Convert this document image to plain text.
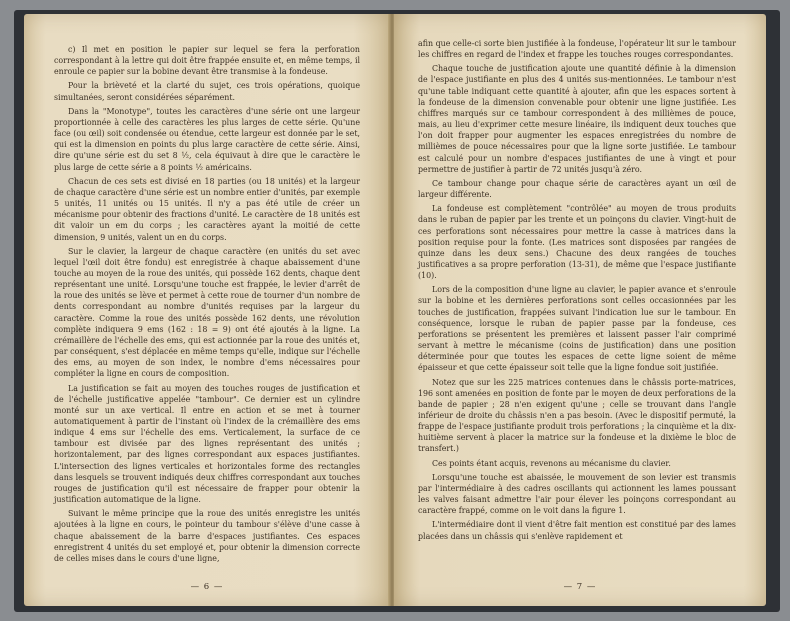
c) Il met en position le papier sur lequel se fera la perforation correspondant à la lettre qui doit être frappée ensuite et, en même temps, il enroule ce papier sur la bobine devant être transmise à la fondeuse.

Pour la brièveté et la clarté du sujet, ces trois opérations, quoique simultanées, seront considérées séparément.

Dans la "Monotype", toutes les caractères d'une série ont une largeur proportionnée à celle des caractères les plus larges de cette série. Qu'une face (ou œil) soit condensée ou étendue, cette largeur est donnée par le set, qui est la dimension en points du plus large caractère de cette série. Ainsi, dire qu'une série est du set 8 ½, cela équivaut à dire que le caractère le plus large de cette série a 8 points ½ américains.

Chacun de ces sets est divisé en 18 parties (ou 18 unités) et la largeur de chaque caractère d'une série est un nombre entier d'unités, par exemple 5 unités, 11 unités ou 15 unités. Il n'y a pas été utile de créer un mécanisme pour obtenir des fractions d'unité. Le caractère de 18 unités est dit valoir un em du corps ; les caractères ayant la moitié de cette dimension, 9 unités, valent un en du corps.

Sur le clavier, la largeur de chaque caractère (en unités du set avec lequel l'œil doit être fondu) est enregistrée à chaque abaissement d'une touche au moyen de la roue des unités, qui possède 162 dents, chaque dent représentant une unité. Lorsqu'une touche est frappée, le levier d'arrêt de la roue des unités se lève et permet à cette roue de tourner d'un nombre de dents correspondant au nombre d'unités requises par la largeur du caractère. Comme la roue des unités possède 162 dents, une révolution complète indiquera 9 ems (162 : 18 = 9) ont été ajoutés à la ligne. La crémaillère de l'échelle des ems, qui est actionnée par la roue des unités et, par conséquent, s'est déplacée en même temps qu'elle, indique sur l'échelle des ems, au moyen de son index, le nombre d'ems nécessaires pour compléter la ligne en cours de composition.

La justification se fait au moyen des touches rouges de justification et de l'échelle justificative appelée "tambour". Ce dernier est un cylindre monté sur un axe vertical. Il entre en action et se met à tourner automatiquement à partir de l'instant où l'index de la crémaillère des ems indique 4 ems sur l'échelle des ems. Verticalement, la surface de ce tambour est divisée par des lignes représentant des unités ; horizontalement, par des lignes correspondant aux espaces justifiantes. L'intersection des lignes verticales et horizontales forme des rectangles dans lesquels se trouvent indiqués deux chiffres correspondant aux touches rouges de justification qu'il est nécessaire de frapper pour obtenir la justification automatique de la ligne.

Suivant le même principe que la roue des unités enregistre les unités ajoutées à la ligne en cours, le pointeur du tambour s'élève d'une casse à chaque abaissement de la barre d'espaces justifiantes. Ces espaces enregistrent 4 unités du set employé et, pour obtenir la dimension correcte de celles mises dans le cours d'une ligne,

— 6 —

afin que celle-ci sorte bien justifiée à la fondeuse, l'opérateur lit sur le tambour les chiffres en regard de l'index et frappe les touches rouges correspondantes.

Chaque touche de justification ajoute une quantité définie à la dimension de l'espace justifiante en plus des 4 unités sus-mentionnées. Le tambour n'est qu'une table indiquant cette quantité à ajouter, afin que les espaces sortent à la fondeuse de la dimension convenable pour obtenir une ligne justifiée. Les chiffres marqués sur ce tambour correspondent à des millièmes de pouce, mais, au lieu d'exprimer cette mesure linéaire, ils indiquent deux touches que l'on doit frapper pour augmenter les espaces enregistrées du nombre de millièmes de pouce nécessaires pour que la ligne sorte justifiée. Le tambour est calculé pour un nombre d'espaces justifiantes de une à vingt et pour permettre de justifier à partir de 72 unités jusqu'à zéro.

Ce tambour change pour chaque série de caractères ayant un œil de largeur différente.

La fondeuse est complètement "contrôlée" au moyen de trous produits dans le ruban de papier par les trente et un poinçons du clavier. Vingt-huit de ces perforations sont nécessaires pour mettre la casse à matrices dans la position requise pour la fonte. (Les matrices sont disposées par rangées de quinze dans les deux sens.) Chacune des deux rangées de touches justificatives a sa propre perforation (13-31), de même que l'espace justifiante (10).

Lors de la composition d'une ligne au clavier, le papier avance et s'enroule sur la bobine et les dernières perforations sont celles occasionnées par les touches de justification, frappées suivant l'indication lue sur le tambour. En conséquence, lorsque le ruban de papier passe par la fondeuse, ces perforations se présentent les premières et laissent passer l'air comprimé servant à mettre le mécanisme (coins de justification) dans une position déterminée pour que toutes les espaces de cette ligne soient de même épaisseur et que cette épaisseur soit telle que la ligne fondue soit justifiée.

Notez que sur les 225 matrices contenues dans le châssis porte-matrices, 196 sont amenées en position de fonte par le moyen de deux perforations de la bande de papier ; 28 n'en exigent qu'une ; celle se trouvant dans l'angle inférieur de droite du châssis n'en a pas besoin. (Avec le dispositif permuté, la frappe de l'espace justifiante produit trois perforations ; la cinquième et la dix-huitième servent à placer la matrice sur la fondeuse et la dixième le bloc de transfert.)

Ces points étant acquis, revenons au mécanisme du clavier.

Lorsqu'une touche est abaissée, le mouvement de son levier est transmis par l'intermédiaire à des cadres oscillants qui actionnent les lames poussant les valves faisant admettre l'air pour élever les poinçons correspondant au caractère frappé, comme on le voit dans la figure 1.

L'intermédiaire dont il vient d'être fait mention est constitué par des lames placées dans un châssis qui s'enlève rapidement et

— 7 —
